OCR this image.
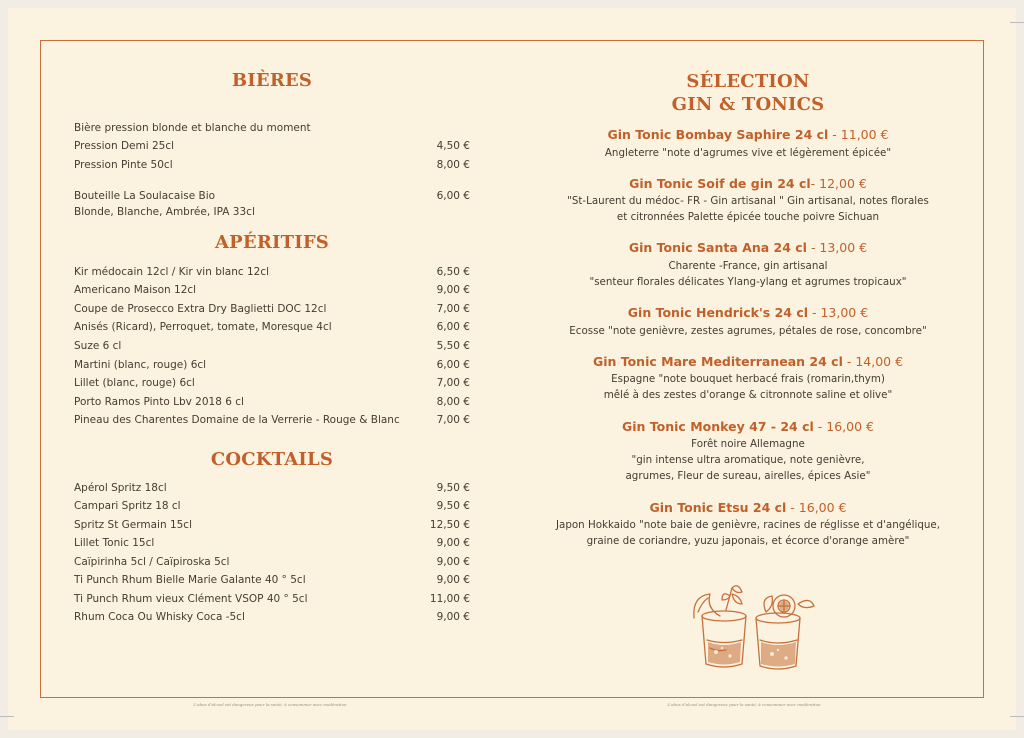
BIÈRES
Bière pression blonde et blanche du moment
Pression Demi 25cl	4,50 €
Pression Pinte 50cl	8,00 €
Bouteille La Soulacaise Bio	6,00 €
Blonde, Blanche, Ambrée, IPA 33cl
APÉRITIFS
Kir médocain 12cl / Kir vin blanc 12cl	6,50 €
Americano Maison 12cl	9,00 €
Coupe de Prosecco Extra Dry Baglietti DOC 12cl	7,00 €
Anisés (Ricard), Perroquet, tomate, Moresque 4cl	6,00 €
Suze 6 cl	5,50 €
Martini (blanc, rouge) 6cl	6,00 €
Lillet (blanc, rouge) 6cl	7,00 €
Porto Ramos Pinto Lbv 2018 6 cl	8,00 €
Pineau des Charentes Domaine de la Verrerie - Rouge & Blanc	7,00 €
COCKTAILS
Apérol Spritz 18cl	9,50 €
Campari Spritz 18 cl	9,50 €
Spritz St Germain 15cl	12,50 €
Lillet Tonic 15cl	9,00 €
Caïpirinha 5cl / Caïpiroska 5cl	9,00 €
Ti Punch Rhum Bielle Marie Galante 40 ° 5cl	9,00 €
Ti Punch Rhum vieux Clément VSOP 40 ° 5cl	11,00 €
Rhum Coca Ou Whisky Coca -5cl	9,00 €
SÉLECTION
GIN & TONICS
Gin Tonic Bombay Saphire 24 cl - 11,00 €
Angleterre "note d'agrumes vive et légèrement épicée"
Gin Tonic Soif de gin 24 cl- 12,00 €
"St-Laurent du médoc- FR - Gin artisanal " Gin artisanal, notes florales
et citronnées Palette épicée touche poivre Sichuan
Gin Tonic Santa Ana 24 cl - 13,00 €
Charente -France, gin artisanal
"senteur florales délicates Ylang-ylang et agrumes tropicaux"
Gin Tonic Hendrick's 24 cl - 13,00 €
Ecosse "note genièvre, zestes agrumes, pétales de rose, concombre"
Gin Tonic Mare Mediterranean 24 cl - 14,00 €
Espagne "note bouquet herbacé frais (romarin,thym)
mêlé à des zestes d'orange & citronnote saline et olive"
Gin Tonic Monkey 47 - 24 cl - 16,00 €
Forêt noire Allemagne
"gin intense ultra aromatique, note genièvre,
agrumes, Fleur de sureau, airelles, épices Asie"
Gin Tonic Etsu 24 cl - 16,00 €
Japon Hokkaido "note baie de genièvre, racines de réglisse et d'angélique,
graine de coriandre, yuzu japonais, et écorce d'orange amère"
L'abus d'alcool est dangereux pour la santé, à consommer avec modération	L'abus d'alcool est dangereux pour la santé, à consommer avec modération
